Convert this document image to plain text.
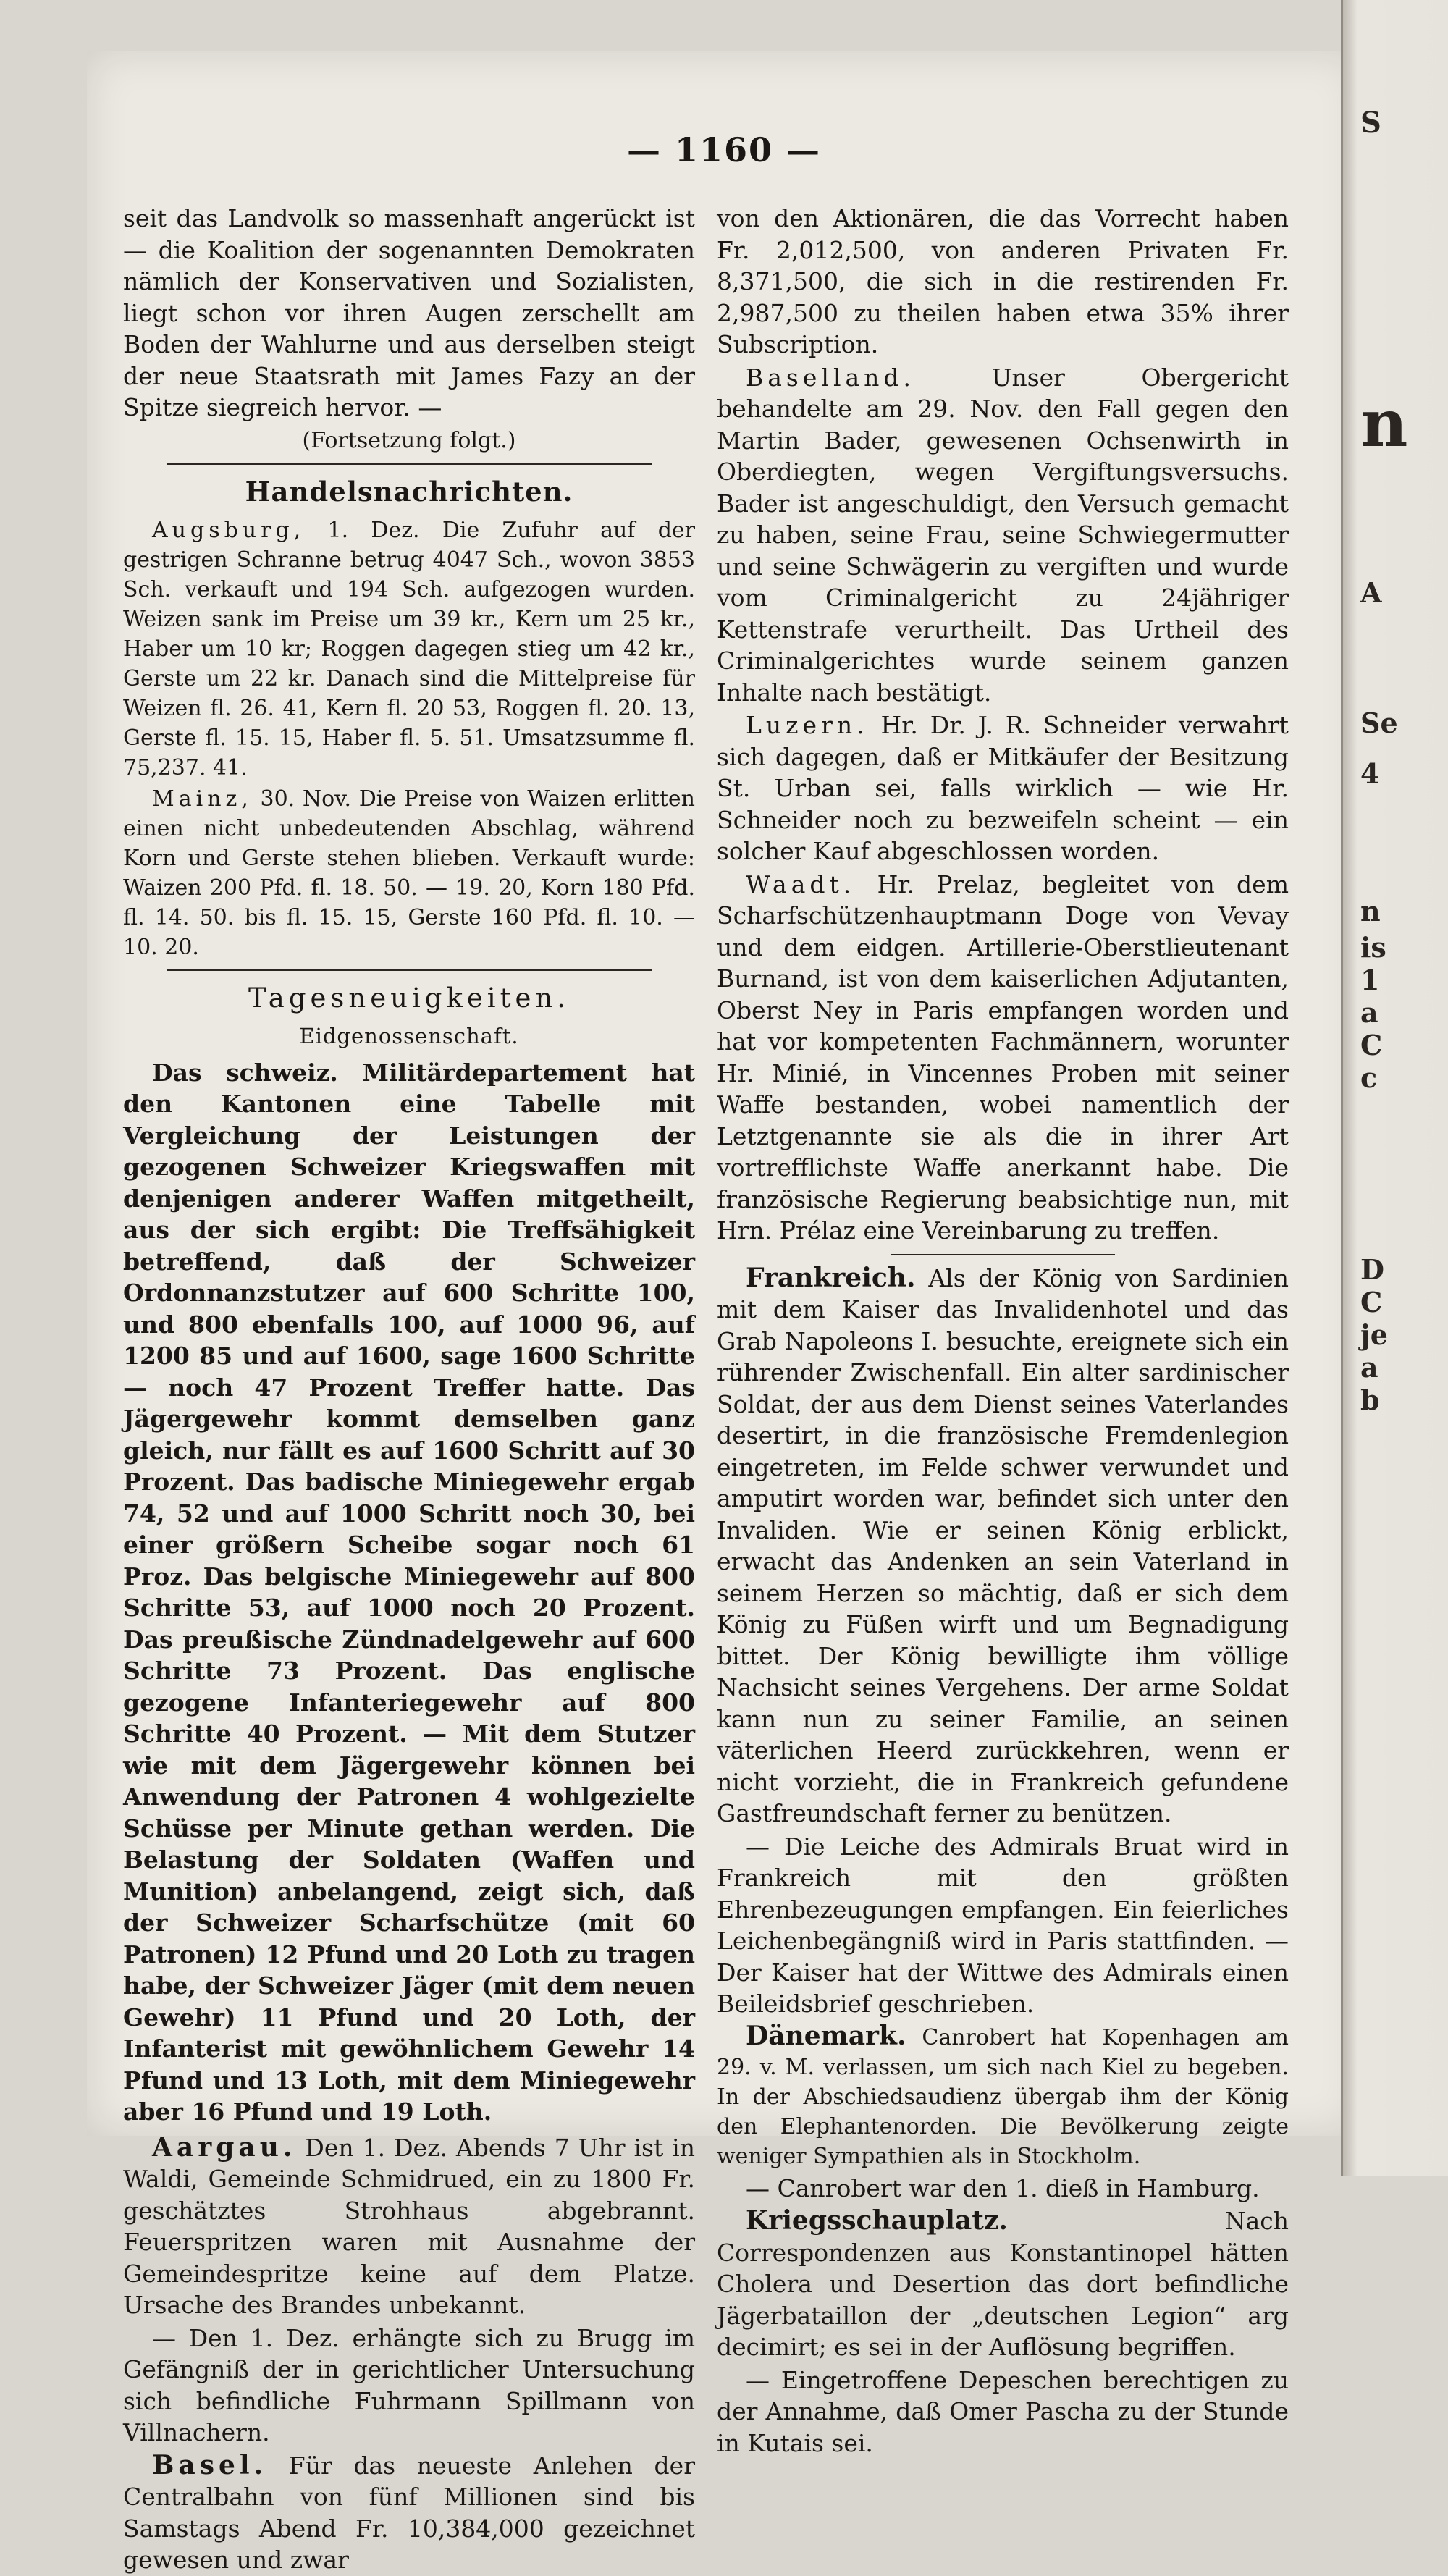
— 1160 —

seit das Landvolk so massenhaft angerückt ist — die Koalition der sogenannten Demokraten nämlich der Konservativen und Sozialisten, liegt schon vor ihren Augen zerschellt am Boden der Wahlurne und aus derselben steigt der neue Staatsrath mit James Fazy an der Spitze siegreich hervor. —

(Fortsetzung folgt.)

Handelsnachrichten.

Augsburg, 1. Dez. Die Zufuhr auf der gestrigen Schranne betrug 4047 Sch., wovon 3853 Sch. verkauft und 194 Sch. aufgezogen wurden. Weizen sank im Preise um 39 kr., Kern um 25 kr., Haber um 10 kr; Roggen dagegen stieg um 42 kr., Gerste um 22 kr. Danach sind die Mittelpreise für Weizen fl. 26. 41, Kern fl. 20 53, Roggen fl. 20. 13, Gerste fl. 15. 15, Haber fl. 5. 51. Umsatzsumme fl. 75,237. 41.

Mainz, 30. Nov. Die Preise von Waizen erlitten einen nicht unbedeutenden Abschlag, während Korn und Gerste stehen blieben. Verkauft wurde: Waizen 200 Pfd. fl. 18. 50. — 19. 20, Korn 180 Pfd. fl. 14. 50. bis fl. 15. 15, Gerste 160 Pfd. fl. 10. — 10. 20.

Tagesneuigkeiten.
Eidgenossenschaft.

Das schweiz. Militärdepartement hat den Kantonen eine Tabelle mit Vergleichung der Leistungen der gezogenen Schweizer Kriegswaffen mit denjenigen anderer Waffen mitgetheilt, aus der sich ergibt: Die Treffsähigkeit betreffend, daß der Schweizer Ordonnanzstutzer auf 600 Schritte 100, und 800 ebenfalls 100, auf 1000 96, auf 1200 85 und auf 1600, sage 1600 Schritte — noch 47 Prozent Treffer hatte. Das Jägergewehr kommt demselben ganz gleich, nur fällt es auf 1600 Schritt auf 30 Prozent. Das badische Miniegewehr ergab 74, 52 und auf 1000 Schritt noch 30, bei einer größern Scheibe sogar noch 61 Proz. Das belgische Miniegewehr auf 800 Schritte 53, auf 1000 noch 20 Prozent. Das preußische Zündnadelgewehr auf 600 Schritte 73 Prozent. Das englische gezogene Infanteriegewehr auf 800 Schritte 40 Prozent. — Mit dem Stutzer wie mit dem Jägergewehr können bei Anwendung der Patronen 4 wohlgezielte Schüsse per Minute gethan werden. Die Belastung der Soldaten (Waffen und Munition) anbelangend, zeigt sich, daß der Schweizer Scharfschütze (mit 60 Patronen) 12 Pfund und 20 Loth zu tragen habe, der Schweizer Jäger (mit dem neuen Gewehr) 11 Pfund und 20 Loth, der Infanterist mit gewöhnlichem Gewehr 14 Pfund und 13 Loth, mit dem Miniegewehr aber 16 Pfund und 19 Loth.

Aargau. Den 1. Dez. Abends 7 Uhr ist in Waldi, Gemeinde Schmidrued, ein zu 1800 Fr. geschätztes Strohhaus abgebrannt. Feuerspritzen waren mit Ausnahme der Gemeindespritze keine auf dem Platze. Ursache des Brandes unbekannt.

— Den 1. Dez. erhängte sich zu Brugg im Gefängniß der in gerichtlicher Untersuchung sich befindliche Fuhrmann Spillmann von Villnachern.

Basel. Für das neueste Anlehen der Centralbahn von fünf Millionen sind bis Samstags Abend Fr. 10,384,000 gezeichnet gewesen und zwar

von den Aktionären, die das Vorrecht haben Fr. 2,012,500, von anderen Privaten Fr. 8,371,500, die sich in die restirenden Fr. 2,987,500 zu theilen haben etwa 35% ihrer Subscription.

Baselland.	Unser Obergericht behandelte am 29. Nov. den Fall gegen den Martin Bader, gewesenen Ochsenwirth in Oberdiegten, wegen Vergiftungsversuchs. Bader ist angeschuldigt, den Versuch gemacht zu haben, seine Frau, seine Schwiegermutter und seine Schwägerin zu vergiften und wurde vom Criminalgericht zu 24jähriger Kettenstrafe verurtheilt. Das Urtheil des Criminalgerichtes wurde seinem ganzen Inhalte nach bestätigt.

Luzern. Hr. Dr. J. R. Schneider verwahrt sich dagegen, daß er Mitkäufer der Besitzung St. Urban sei, falls wirklich — wie Hr. Schneider noch zu bezweifeln scheint — ein solcher Kauf abgeschlossen worden.

Waadt. Hr. Prelaz, begleitet von dem Scharfschützenhauptmann Doge von Vevay und dem eidgen. Artillerie-Oberstlieutenant Burnand, ist von dem kaiserlichen Adjutanten, Oberst Ney in Paris empfangen worden und hat vor kompetenten Fachmännern, worunter Hr. Minié, in Vincennes Proben mit seiner Waffe bestanden, wobei namentlich der Letztgenannte sie als die in ihrer Art vortrefflichste Waffe anerkannt habe. Die französische Regierung beabsichtige nun, mit Hrn. Prélaz eine Vereinbarung zu treffen.

Frankreich. Als der König von Sardinien mit dem Kaiser das Invalidenhotel und das Grab Napoleons I. besuchte, ereignete sich ein rührender Zwischenfall. Ein alter sardinischer Soldat, der aus dem Dienst seines Vaterlandes desertirt, in die französische Fremdenlegion eingetreten, im Felde schwer verwundet und amputirt worden war, befindet sich unter den Invaliden. Wie er seinen König erblickt, erwacht das Andenken an sein Vaterland in seinem Herzen so mächtig, daß er sich dem König zu Füßen wirft und um Begnadigung bittet. Der König bewilligte ihm völlige Nachsicht seines Vergehens. Der arme Soldat kann nun zu seiner Familie, an seinen väterlichen Heerd zurückkehren, wenn er nicht vorzieht, die in Frankreich gefundene Gastfreundschaft ferner zu benützen.

— Die Leiche des Admirals Bruat wird in Frankreich mit den größten Ehrenbezeugungen empfangen. Ein feierliches Leichenbegängniß wird in Paris stattfinden. — Der Kaiser hat der Wittwe des Admirals einen Beileidsbrief geschrieben.

Dänemark. Canrobert hat Kopenhagen am 29. v. M. verlassen, um sich nach Kiel zu begeben. In der Abschiedsaudienz übergab ihm der König den Elephantenorden. Die Bevölkerung zeigte weniger Sympathien als in Stockholm.

— Canrobert war den 1. dieß in Hamburg.

Kriegsschauplatz.	Nach Correspondenzen aus Konstantinopel hätten Cholera und Desertion das dort befindliche Jägerbataillon der „deutschen Legion“ arg decimirt; es sei in der Auflösung begriffen.

— Eingetroffene Depeschen berechtigen zu der Annahme, daß Omer Pascha zu der Stunde in Kutais sei.

S
n
A
Se
4
n
is
1
a
C
c
D
C
je
a
b
